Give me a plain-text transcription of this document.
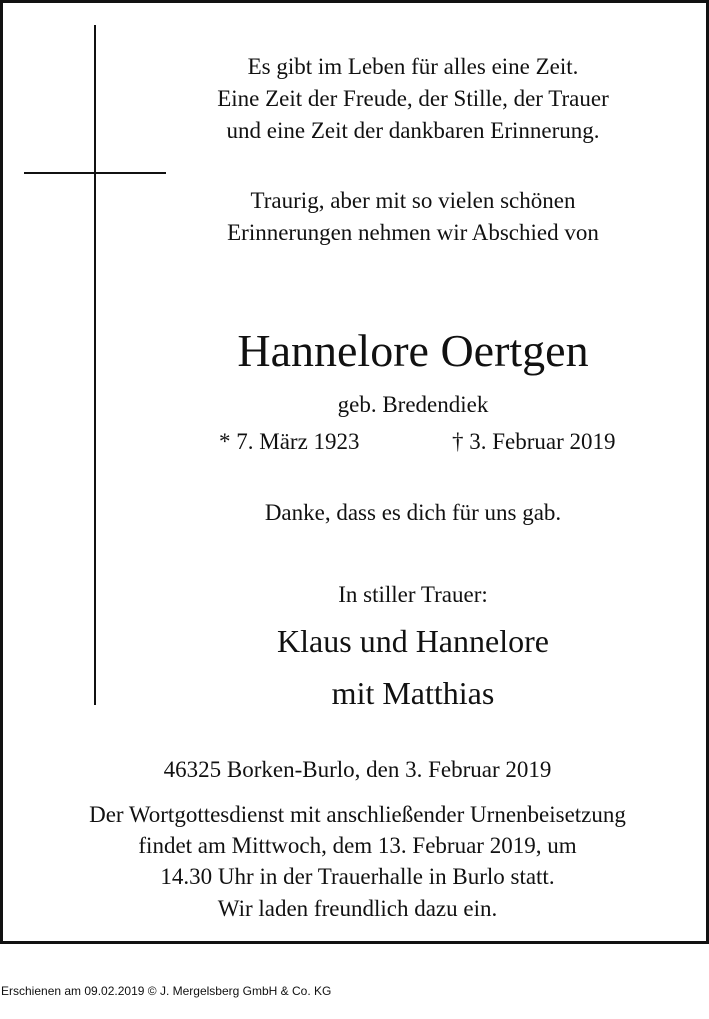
Es gibt im Leben für alles eine Zeit.
Eine Zeit der Freude, der Stille, der Trauer
und eine Zeit der dankbaren Erinnerung.
Traurig, aber mit so vielen schönen
Erinnerungen nehmen wir Abschied von
Hannelore Oertgen
geb. Bredendiek
* 7. März 1923	† 3. Februar 2019
Danke, dass es dich für uns gab.
In stiller Trauer:
Klaus und Hannelore
mit Matthias
46325 Borken-Burlo, den 3. Februar 2019
Der Wortgottesdienst mit anschließender Urnenbeisetzung
findet am Mittwoch, dem 13. Februar 2019, um
14.30 Uhr in der Trauerhalle in Burlo statt.
Wir laden freundlich dazu ein.
Erschienen am 09.02.2019 © J. Mergelsberg GmbH & Co. KG
